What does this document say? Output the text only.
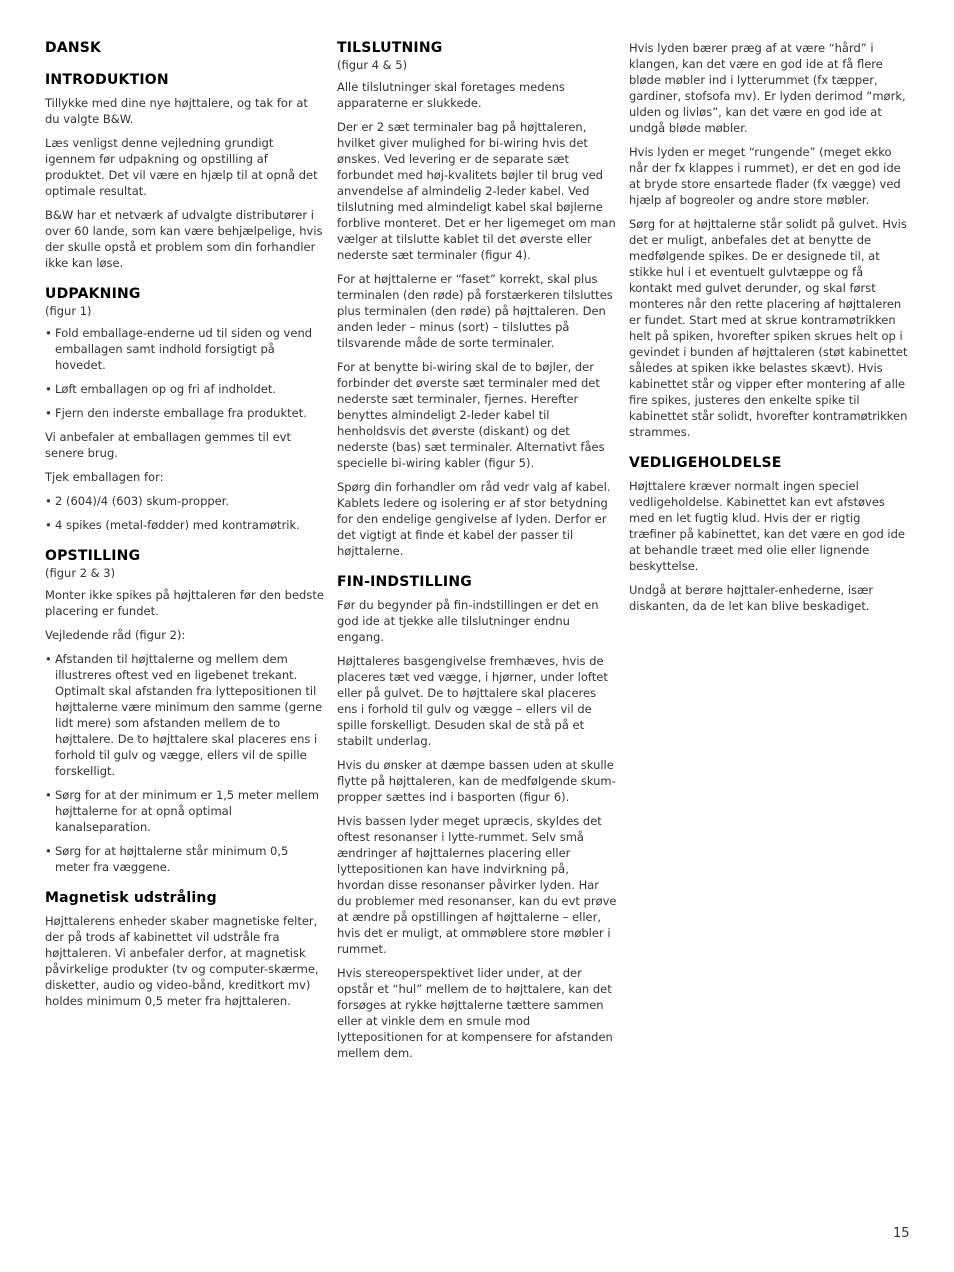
DANSK
INTRODUKTION

Tillykke med dine nye højttalere, og tak for at du valgte B&W.

Læs venligst denne vejledning grundigt igennem før udpakning og opstilling af produktet. Det vil være en hjælp til at opnå det optimale resultat.

B&W har et netværk af udvalgte distributører i over 60 lande, som kan være behjælpelige, hvis der skulle opstå et problem som din forhandler ikke kan løse.

UDPAKNING
(figur 1)

• Fold emballage-enderne ud til siden og vend emballagen samt indhold forsigtigt på hovedet.

• Løft emballagen op og fri af indholdet.

• Fjern den inderste emballage fra produktet.

Vi anbefaler at emballagen gemmes til evt senere brug.

Tjek emballagen for:

• 2 (604)/4 (603) skum-propper.

• 4 spikes (metal-fødder) med kontramøtrik.

OPSTILLING
(figur 2 & 3)

Monter ikke spikes på højttaleren før den bedste placering er fundet.

Vejledende råd (figur 2):

• Afstanden til højttalerne og mellem dem illustreres oftest ved en ligebenet trekant. Optimalt skal afstanden fra lyttepositionen til højttalerne være minimum den samme (gerne lidt mere) som afstanden mellem de to højttalere. De to højttalere skal placeres ens i forhold til gulv og vægge, ellers vil de spille forskelligt.

• Sørg for at der minimum er 1,5 meter mellem højttalerne for at opnå optimal kanalseparation.

• Sørg for at højttalerne står minimum 0,5 meter fra væggene.

Magnetisk udstråling

Højttalerens enheder skaber magnetiske felter, der på trods af kabinettet vil udstråle fra højttaleren. Vi anbefaler derfor, at magnetisk påvirkelige produkter (tv og computer-skærme, disketter, audio og video-bånd, kreditkort mv) holdes minimum 0,5 meter fra højttaleren.

TILSLUTNING
(figur 4 & 5)

Alle tilslutninger skal foretages medens apparaterne er slukkede.

Der er 2 sæt terminaler bag på højttaleren, hvilket giver mulighed for bi-wiring hvis det ønskes. Ved levering er de separate sæt forbundet med høj-kvalitets bøjler til brug ved anvendelse af almindelig 2-leder kabel. Ved tilslutning med almindeligt kabel skal bøjlerne forblive monteret. Det er her ligemeget om man vælger at tilslutte kablet til det øverste eller nederste sæt terminaler (figur 4).

For at højttalerne er “faset” korrekt, skal plus terminalen (den røde) på forstærkeren tilsluttes plus terminalen (den røde) på højttaleren. Den anden leder – minus (sort) – tilsluttes på tilsvarende måde de sorte terminaler.

For at benytte bi-wiring skal de to bøjler, der forbinder det øverste sæt terminaler med det nederste sæt terminaler, fjernes. Herefter benyttes almindeligt 2-leder kabel til henholdsvis det øverste (diskant) og det nederste (bas) sæt terminaler. Alternativt fåes specielle bi-wiring kabler (figur 5).

Spørg din forhandler om råd vedr valg af kabel. Kablets ledere og isolering er af stor betydning for den endelige gengivelse af lyden. Derfor er det vigtigt at finde et kabel der passer til højttalerne.

FIN-INDSTILLING

Før du begynder på fin-indstillingen er det en god ide at tjekke alle tilslutninger endnu engang.

Højttaleres basgengivelse fremhæves, hvis de placeres tæt ved vægge, i hjørner, under loftet eller på gulvet. De to højttalere skal placeres ens i forhold til gulv og vægge – ellers vil de spille forskelligt. Desuden skal de stå på et stabilt underlag.

Hvis du ønsker at dæmpe bassen uden at skulle flytte på højttaleren, kan de medfølgende skum-propper sættes ind i basporten (figur 6).

Hvis bassen lyder meget upræcis, skyldes det oftest resonanser i lytte-rummet. Selv små ændringer af højttalernes placering eller lyttepositionen kan have indvirkning på, hvordan disse resonanser påvirker lyden. Har du problemer med resonanser, kan du evt prøve at ændre på opstillingen af højttalerne – eller, hvis det er muligt, at ommøblere store møbler i rummet.

Hvis stereoperspektivet lider under, at der opstår et “hul” mellem de to højttalere, kan det forsøges at rykke højttalerne tættere sammen eller at vinkle dem en smule mod lyttepositionen for at kompensere for afstanden mellem dem.

Hvis lyden bærer præg af at være “hård” i klangen, kan det være en god ide at få flere bløde møbler ind i lytterummet (fx tæpper, gardiner, stofsofa mv). Er lyden derimod “mørk, ulden og livløs”, kan det være en god ide at undgå bløde møbler.

Hvis lyden er meget “rungende” (meget ekko når der fx klappes i rummet), er det en god ide at bryde store ensartede flader (fx vægge) ved hjælp af bogreoler og andre store møbler.

Sørg for at højttalerne står solidt på gulvet. Hvis det er muligt, anbefales det at benytte de medfølgende spikes. De er designede til, at stikke hul i et eventuelt gulvtæppe og få kontakt med gulvet derunder, og skal først monteres når den rette placering af højttaleren er fundet. Start med at skrue kontramøtrikken helt på spiken, hvorefter spiken skrues helt op i gevindet i bunden af højttaleren (støt kabinettet således at spiken ikke belastes skævt). Hvis kabinettet står og vipper efter montering af alle fire spikes, justeres den enkelte spike til kabinettet står solidt, hvorefter kontramøtrikken strammes.

VEDLIGEHOLDELSE

Højttalere kræver normalt ingen speciel vedligeholdelse. Kabinettet kan evt afstøves med en let fugtig klud. Hvis der er rigtig træfiner på kabinettet, kan det være en god ide at behandle træet med olie eller lignende beskyttelse.

Undgå at berøre højttaler-enhederne, især diskanten, da de let kan blive beskadiget.

15
